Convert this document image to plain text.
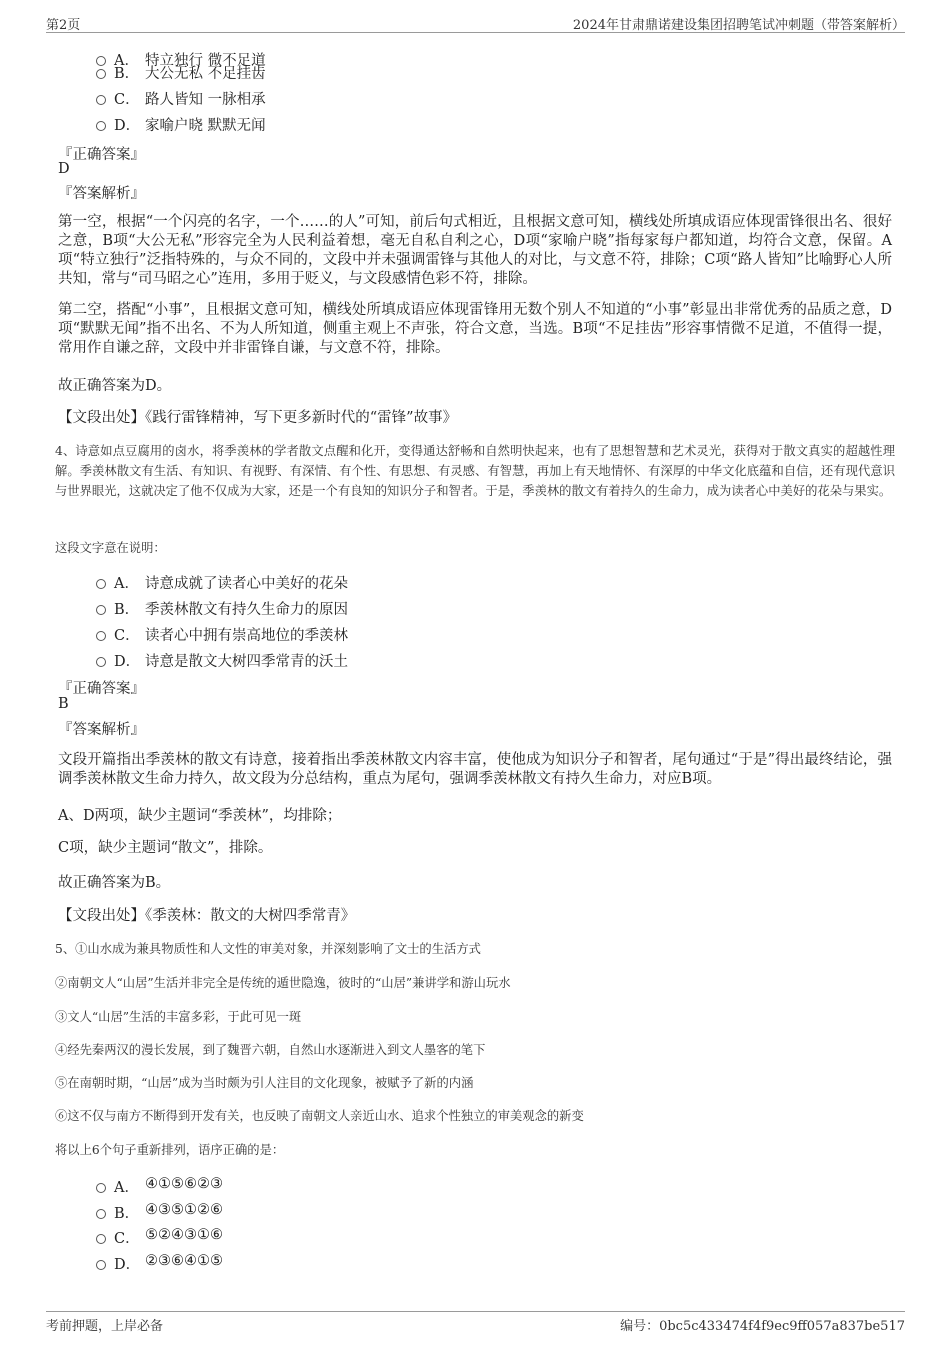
第2页	2024年甘肃鼎诺建设集团招聘笔试冲刺题（带答案解析）
A． 特立独行 微不足道
B． 大公无私 不足挂齿
C． 路人皆知 一脉相承
D． 家喻户晓 默默无闻
『正确答案』
D
『答案解析』

第一空，根据“一个闪亮的名字，一个……的人”可知，前后句式相近，且根据文意可知，横线处所填成语应体现雷锋很出名、很好之意，B项“大公无私”形容完全为人民利益着想，毫无自私自利之心，D项“家喻户晓”指每家每户都知道，均符合文意，保留。A项“特立独行”泛指特殊的，与众不同的，文段中并未强调雷锋与其他人的对比，与文意不符，排除；C项“路人皆知”比喻野心人所共知，常与“司马昭之心”连用，多用于贬义，与文段感情色彩不符，排除。

第二空，搭配“小事”，且根据文意可知，横线处所填成语应体现雷锋用无数个别人不知道的“小事”彰显出非常优秀的品质之意，D项“默默无闻”指不出名、不为人所知道，侧重主观上不声张，符合文意，当选。B项“不足挂齿”形容事情微不足道，不值得一提，常用作自谦之辞，文段中并非雷锋自谦，与文意不符，排除。

故正确答案为D。
【文段出处】《践行雷锋精神，写下更多新时代的“雷锋”故事》

4、诗意如点豆腐用的卤水，将季羡林的学者散文点醒和化开，变得通达舒畅和自然明快起来，也有了思想智慧和艺术灵光，获得对于散文真实的超越性理解。季羡林散文有生活、有知识、有视野、有深情、有个性、有思想、有灵感、有智慧，再加上有天地情怀、有深厚的中华文化底蕴和自信，还有现代意识与世界眼光，这就决定了他不仅成为大家，还是一个有良知的知识分子和智者。于是，季羡林的散文有着持久的生命力，成为读者心中美好的花朵与果实。

这段文字意在说明：
A． 诗意成就了读者心中美好的花朵
B． 季羡林散文有持久生命力的原因
C． 读者心中拥有崇高地位的季羡林
D． 诗意是散文大树四季常青的沃土
『正确答案』
B
『答案解析』

文段开篇指出季羡林的散文有诗意，接着指出季羡林散文内容丰富，使他成为知识分子和智者，尾句通过“于是”得出最终结论，强调季羡林散文生命力持久，故文段为分总结构，重点为尾句，强调季羡林散文有持久生命力，对应B项。

A、D两项，缺少主题词“季羡林”，均排除；
C项，缺少主题词“散文”，排除。
故正确答案为B。
【文段出处】《季羡林：散文的大树四季常青》
5、①山水成为兼具物质性和人文性的审美对象，并深刻影响了文士的生活方式
②南朝文人“山居”生活并非完全是传统的遁世隐逸，彼时的“山居”兼讲学和游山玩水
③文人“山居”生活的丰富多彩，于此可见一斑
④经先秦两汉的漫长发展，到了魏晋六朝，自然山水逐渐进入到文人墨客的笔下
⑤在南朝时期，“山居”成为当时颇为引人注目的文化现象，被赋予了新的内涵
⑥这不仅与南方不断得到开发有关，也反映了南朝文人亲近山水、追求个性独立的审美观念的新变
将以上6个句子重新排列，语序正确的是：
A． ④①⑤⑥②③
B． ④③⑤①②⑥
C． ⑤②④③①⑥
D． ②③⑥④①⑤
考前押题，上岸必备	编号：0bc5c433474f4f9ec9ff057a837be517
